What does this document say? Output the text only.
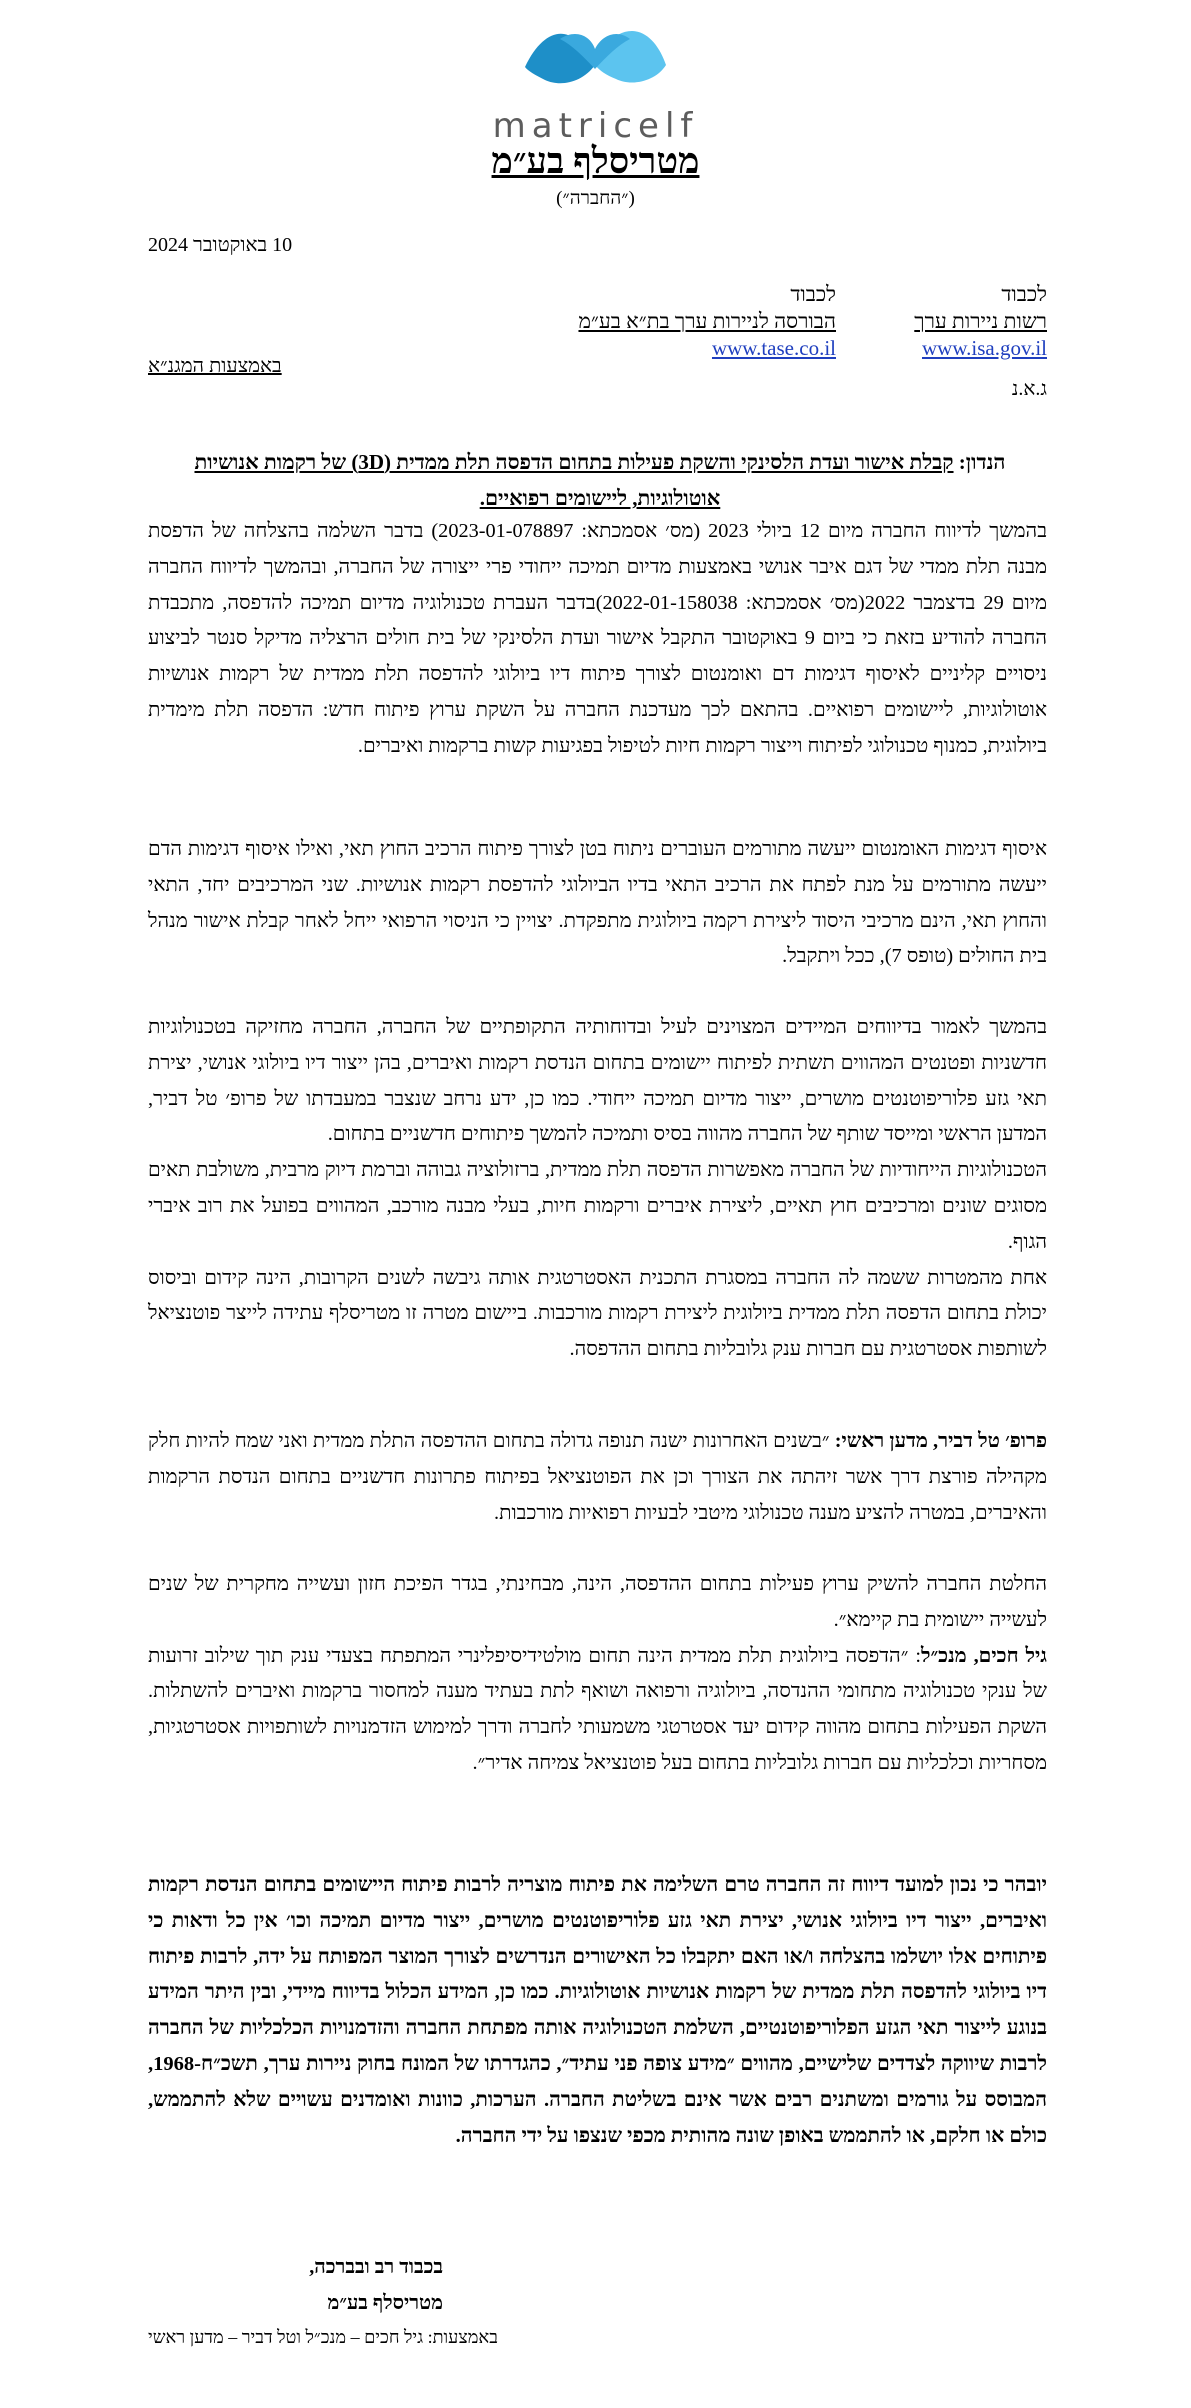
matricelf
מטריסלף בע״מ
(״החברה״)
10 באוקטובר 2024
לכבוד
רשות ניירות ערך
www.isa.gov.il
לכבוד
הבורסה לניירות ערך בת״א בע״מ
www.tase.co.il
באמצעות המגנ״א
ג.א.נ
הנדון: קבלת אישור ועדת הלסינקי והשקת פעילות בתחום הדפסה תלת ממדית (3D) של רקמות אנושיות אוטולוגיות, ליישומים רפואיים.

בהמשך לדיווח החברה מיום 12 ביולי 2023 (מס׳ אסמכתא: 2023-01-078897) בדבר השלמה בהצלחה של הדפסת מבנה תלת ממדי של דגם איבר אנושי באמצעות מדיום תמיכה ייחודי פרי ייצורה של החברה, ובהמשך לדיווח החברה מיום 29 בדצמבר 2022(מס׳ אסמכתא: 2022-01-158038)בדבר העברת טכנולוגיה מדיום תמיכה להדפסה, מתכבדת החברה להודיע בזאת כי ביום 9 באוקטובר התקבל אישור ועדת הלסינקי של בית חולים הרצליה מדיקל סנטר לביצוע ניסויים קליניים לאיסוף דגימות דם ואומנטום לצורך פיתוח דיו ביולוגי להדפסה תלת ממדית של רקמות אנושיות אוטולוגיות, ליישומים רפואיים. בהתאם לכך מעדכנת החברה על השקת ערוץ פיתוח חדש: הדפסה תלת מימדית ביולוגית, כמנוף טכנולוגי לפיתוח וייצור רקמות חיות לטיפול בפגיעות קשות ברקמות ואיברים.

איסוף דגימות האומנטום ייעשה מתורמים העוברים ניתוח בטן לצורך פיתוח הרכיב החוץ תאי, ואילו איסוף דגימות הדם ייעשה מתורמים על מנת לפתח את הרכיב התאי בדיו הביולוגי להדפסת רקמות אנושיות. שני המרכיבים יחד, התאי והחוץ תאי, הינם מרכיבי היסוד ליצירת רקמה ביולוגית מתפקדת. יצויין כי הניסוי הרפואי ייחל לאחר קבלת אישור מנהל בית החולים (טופס 7), ככל ויתקבל.

בהמשך לאמור בדיווחים המיידים המצוינים לעיל ובדוחותיה התקופתיים של החברה, החברה מחזיקה בטכנולוגיות חדשניות ופטנטים המהווים תשתית לפיתוח יישומים בתחום הנדסת רקמות ואיברים, בהן ייצור דיו ביולוגי אנושי, יצירת תאי גזע פלוריפוטנטים מושרים, ייצור מדיום תמיכה ייחודי. כמו כן, ידע נרחב שנצבר במעבדתו של פרופ׳ טל דביר, המדען הראשי ומייסד שותף של החברה מהווה בסיס ותמיכה להמשך פיתוחים חדשניים בתחום.

הטכנולוגיות הייחודיות של החברה מאפשרות הדפסה תלת ממדית, ברזולוציה גבוהה וברמת דיוק מרבית, משולבת תאים מסוגים שונים ומרכיבים חוץ תאיים, ליצירת איברים ורקמות חיות, בעלי מבנה מורכב, המהווים בפועל את רוב איברי הגוף.

אחת מהמטרות ששמה לה החברה במסגרת התכנית האסטרטגית אותה גיבשה לשנים הקרובות, הינה קידום וביסוס יכולת בתחום הדפסה תלת ממדית ביולוגית ליצירת רקמות מורכבות. ביישום מטרה זו מטריסלף עתידה לייצר פוטנציאל לשותפות אסטרטגית עם חברות ענק גלובליות בתחום ההדפסה.

פרופ׳ טל דביר, מדען ראשי: ״בשנים האחרונות ישנה תנופה גדולה בתחום ההדפסה התלת ממדית ואני שמח להיות חלק מקהילה פורצת דרך אשר זיהתה את הצורך וכן את הפוטנציאל בפיתוח פתרונות חדשניים בתחום הנדסת הרקמות והאיברים, במטרה להציע מענה טכנולוגי מיטבי לבעיות רפואיות מורכבות.

החלטת החברה להשיק ערוץ פעילות בתחום ההדפסה, הינה, מבחינתי, בגדר הפיכת חזון ועשייה מחקרית של שנים לעשייה יישומית בת קיימא״.

גיל חכים, מנכ״ל: ״הדפסה ביולוגית תלת ממדית הינה תחום מולטידיסיפלינרי המתפתח בצעדי ענק תוך שילוב זרועות של ענקי טכנולוגיה מתחומי ההנדסה, ביולוגיה ורפואה ושואף לתת בעתיד מענה למחסור ברקמות ואיברים להשתלות. השקת הפעילות בתחום מהווה קידום יעד אסטרטגי משמעותי לחברה ודרך למימוש הזדמנויות לשותפויות אסטרטגיות, מסחריות וכלכליות עם חברות גלובליות בתחום בעל פוטנציאל צמיחה אדיר״.

יובהר כי נכון למועד דיווח זה החברה טרם השלימה את פיתוח מוצריה לרבות פיתוח היישומים בתחום הנדסת רקמות ואיברים, ייצור דיו ביולוגי אנושי, יצירת תאי גזע פלוריפוטנטים מושרים, ייצור מדיום תמיכה וכו׳ אין כל ודאות כי פיתוחים אלו יושלמו בהצלחה ו/או האם יתקבלו כל האישורים הנדרשים לצורך המוצר המפותח על ידה, לרבות פיתוח דיו ביולוגי להדפסה תלת ממדית של רקמות אנושיות אוטולוגיות. כמו כן, המידע הכלול בדיווח מיידי, ובין היתר המידע בנוגע לייצור תאי הגזע הפלוריפוטנטיים, השלמת הטכנולוגיה אותה מפתחת החברה והזדמנויות הכלכליות של החברה לרבות שיווקה לצדדים שלישיים, מהווים ״מידע צופה פני עתיד״, כהגדרתו של המונח בחוק ניירות ערך, תשכ״ח-1968, המבוסס על גורמים ומשתנים רבים אשר אינם בשליטת החברה. הערכות, כוונות ואומדנים עשויים שלא להתממש, כולם או חלקם, או להתממש באופן שונה מהותית מכפי שנצפו על ידי החברה.
בכבוד רב ובברכה,
מטריסלף בע״מ
באמצעות: גיל חכים – מנכ״ל וטל דביר – מדען ראשי
